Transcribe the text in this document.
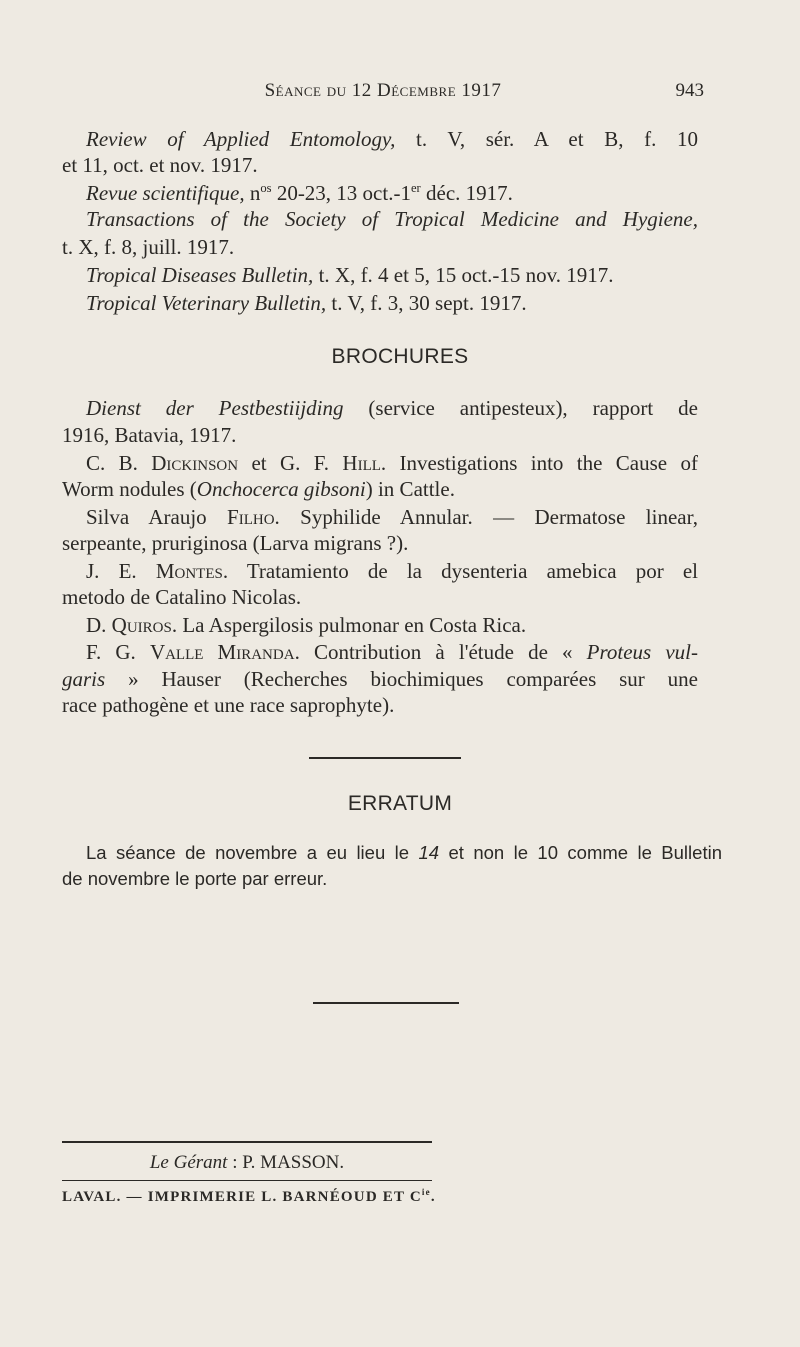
Séance du 12 Décembre 1917	943
Review of Applied Entomology, t. V, sér. A et B, f. 10
et 11, oct. et nov. 1917.
Revue scientifique, $n^{os}$ 20-23, 13 oct.-1er déc. 1917.
Transactions of the Society of Tropical Medicine and Hygiene,
t. X, f. 8, juill. 1917.
Tropical Diseases Bulletin, t. X, f. 4 et 5, 15 oct.-15 nov. 1917.
Tropical Veterinary Bulletin, t. V, f. 3, 30 sept. 1917.
BROCHURES
Dienst der Pestbestiijding (service antipesteux), rapport de
1916, Batavia, 1917.
C. B. Dickinson et G. F. Hill. Investigations into the Cause of
Worm nodules (Onchocerca gibsoni) in Cattle.
Silva Araujo Filho. Syphilide Annular. — Dermatose linear,
serpeante, pruriginosa (Larva migrans ?).
J. E. Montes. Tratamiento de la dysenteria amebica por el
metodo de Catalino Nicolas.
D. Quiros. La Aspergilosis pulmonar en Costa Rica.
F. G. Valle Miranda. Contribution à l'étude de « Proteus vul-
garis » Hauser (Recherches biochimiques comparées sur une
race pathogène et une race saprophyte).
ERRATUM
La séance de novembre a eu lieu le 14 et non le 10 comme le Bulletin
de novembre le porte par erreur.
Le Gérant : P. MASSON.
LAVAL. — IMPRIMERIE L. BARNÉOUD ET $C^{ie}$.
